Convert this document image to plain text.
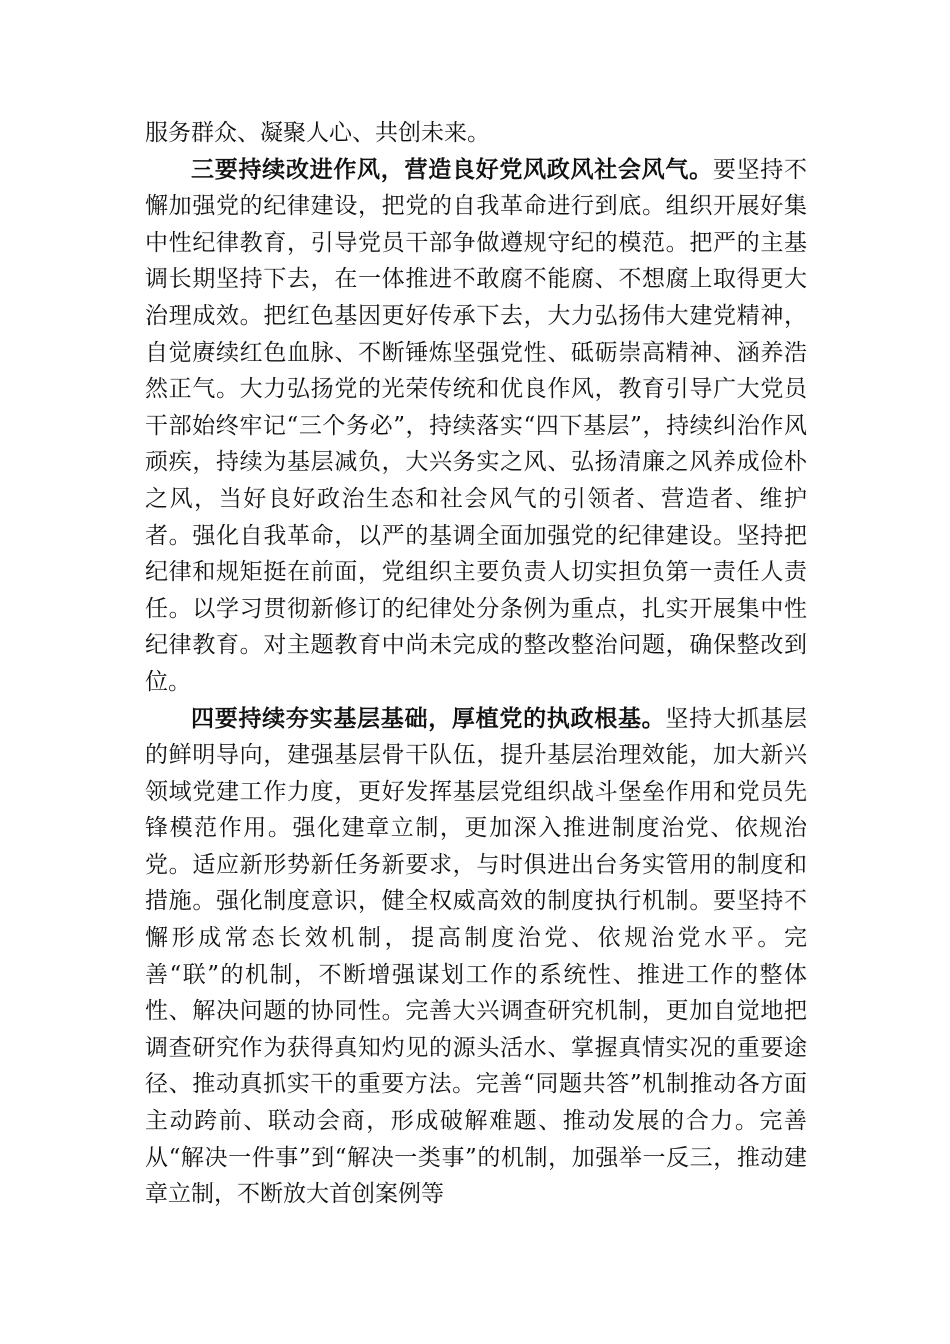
服务群众、凝聚人心、共创未来。

三要持续改进作风，营造良好党风政风社会风气。要坚持不懈加强党的纪律建设，把党的自我革命进行到底。组织开展好集中性纪律教育，引导党员干部争做遵规守纪的模范。把严的主基调长期坚持下去，在一体推进不敢腐不能腐、不想腐上取得更大治理成效。把红色基因更好传承下去，大力弘扬伟大建党精神，自觉赓续红色血脉、不断锤炼坚强党性、砥砺崇高精神、涵养浩然正气。大力弘扬党的光荣传统和优良作风，教育引导广大党员干部始终牢记“三个务必”，持续落实“四下基层”，持续纠治作风顽疾，持续为基层减负，大兴务实之风、弘扬清廉之风养成俭朴之风，当好良好政治生态和社会风气的引领者、营造者、维护者。强化自我革命，以严的基调全面加强党的纪律建设。坚持把纪律和规矩挺在前面，党组织主要负责人切实担负第一责任人责任。以学习贯彻新修订的纪律处分条例为重点，扎实开展集中性纪律教育。对主题教育中尚未完成的整改整治问题，确保整改到位。

四要持续夯实基层基础，厚植党的执政根基。坚持大抓基层的鲜明导向，建强基层骨干队伍，提升基层治理效能，加大新兴领域党建工作力度，更好发挥基层党组织战斗堡垒作用和党员先锋模范作用。强化建章立制，更加深入推进制度治党、依规治党。适应新形势新任务新要求，与时俱进出台务实管用的制度和措施。强化制度意识，健全权威高效的制度执行机制。要坚持不懈形成常态长效机制，提高制度治党、依规治党水平。完善“联”的机制，不断增强谋划工作的系统性、推进工作的整体性、解决问题的协同性。完善大兴调查研究机制，更加自觉地把调查研究作为获得真知灼见的源头活水、掌握真情实况的重要途径、推动真抓实干的重要方法。完善“同题共答”机制推动各方面主动跨前、联动会商，形成破解难题、推动发展的合力。完善从“解决一件事”到“解决一类事”的机制，加强举一反三，推动建章立制，不断放大首创案例等
